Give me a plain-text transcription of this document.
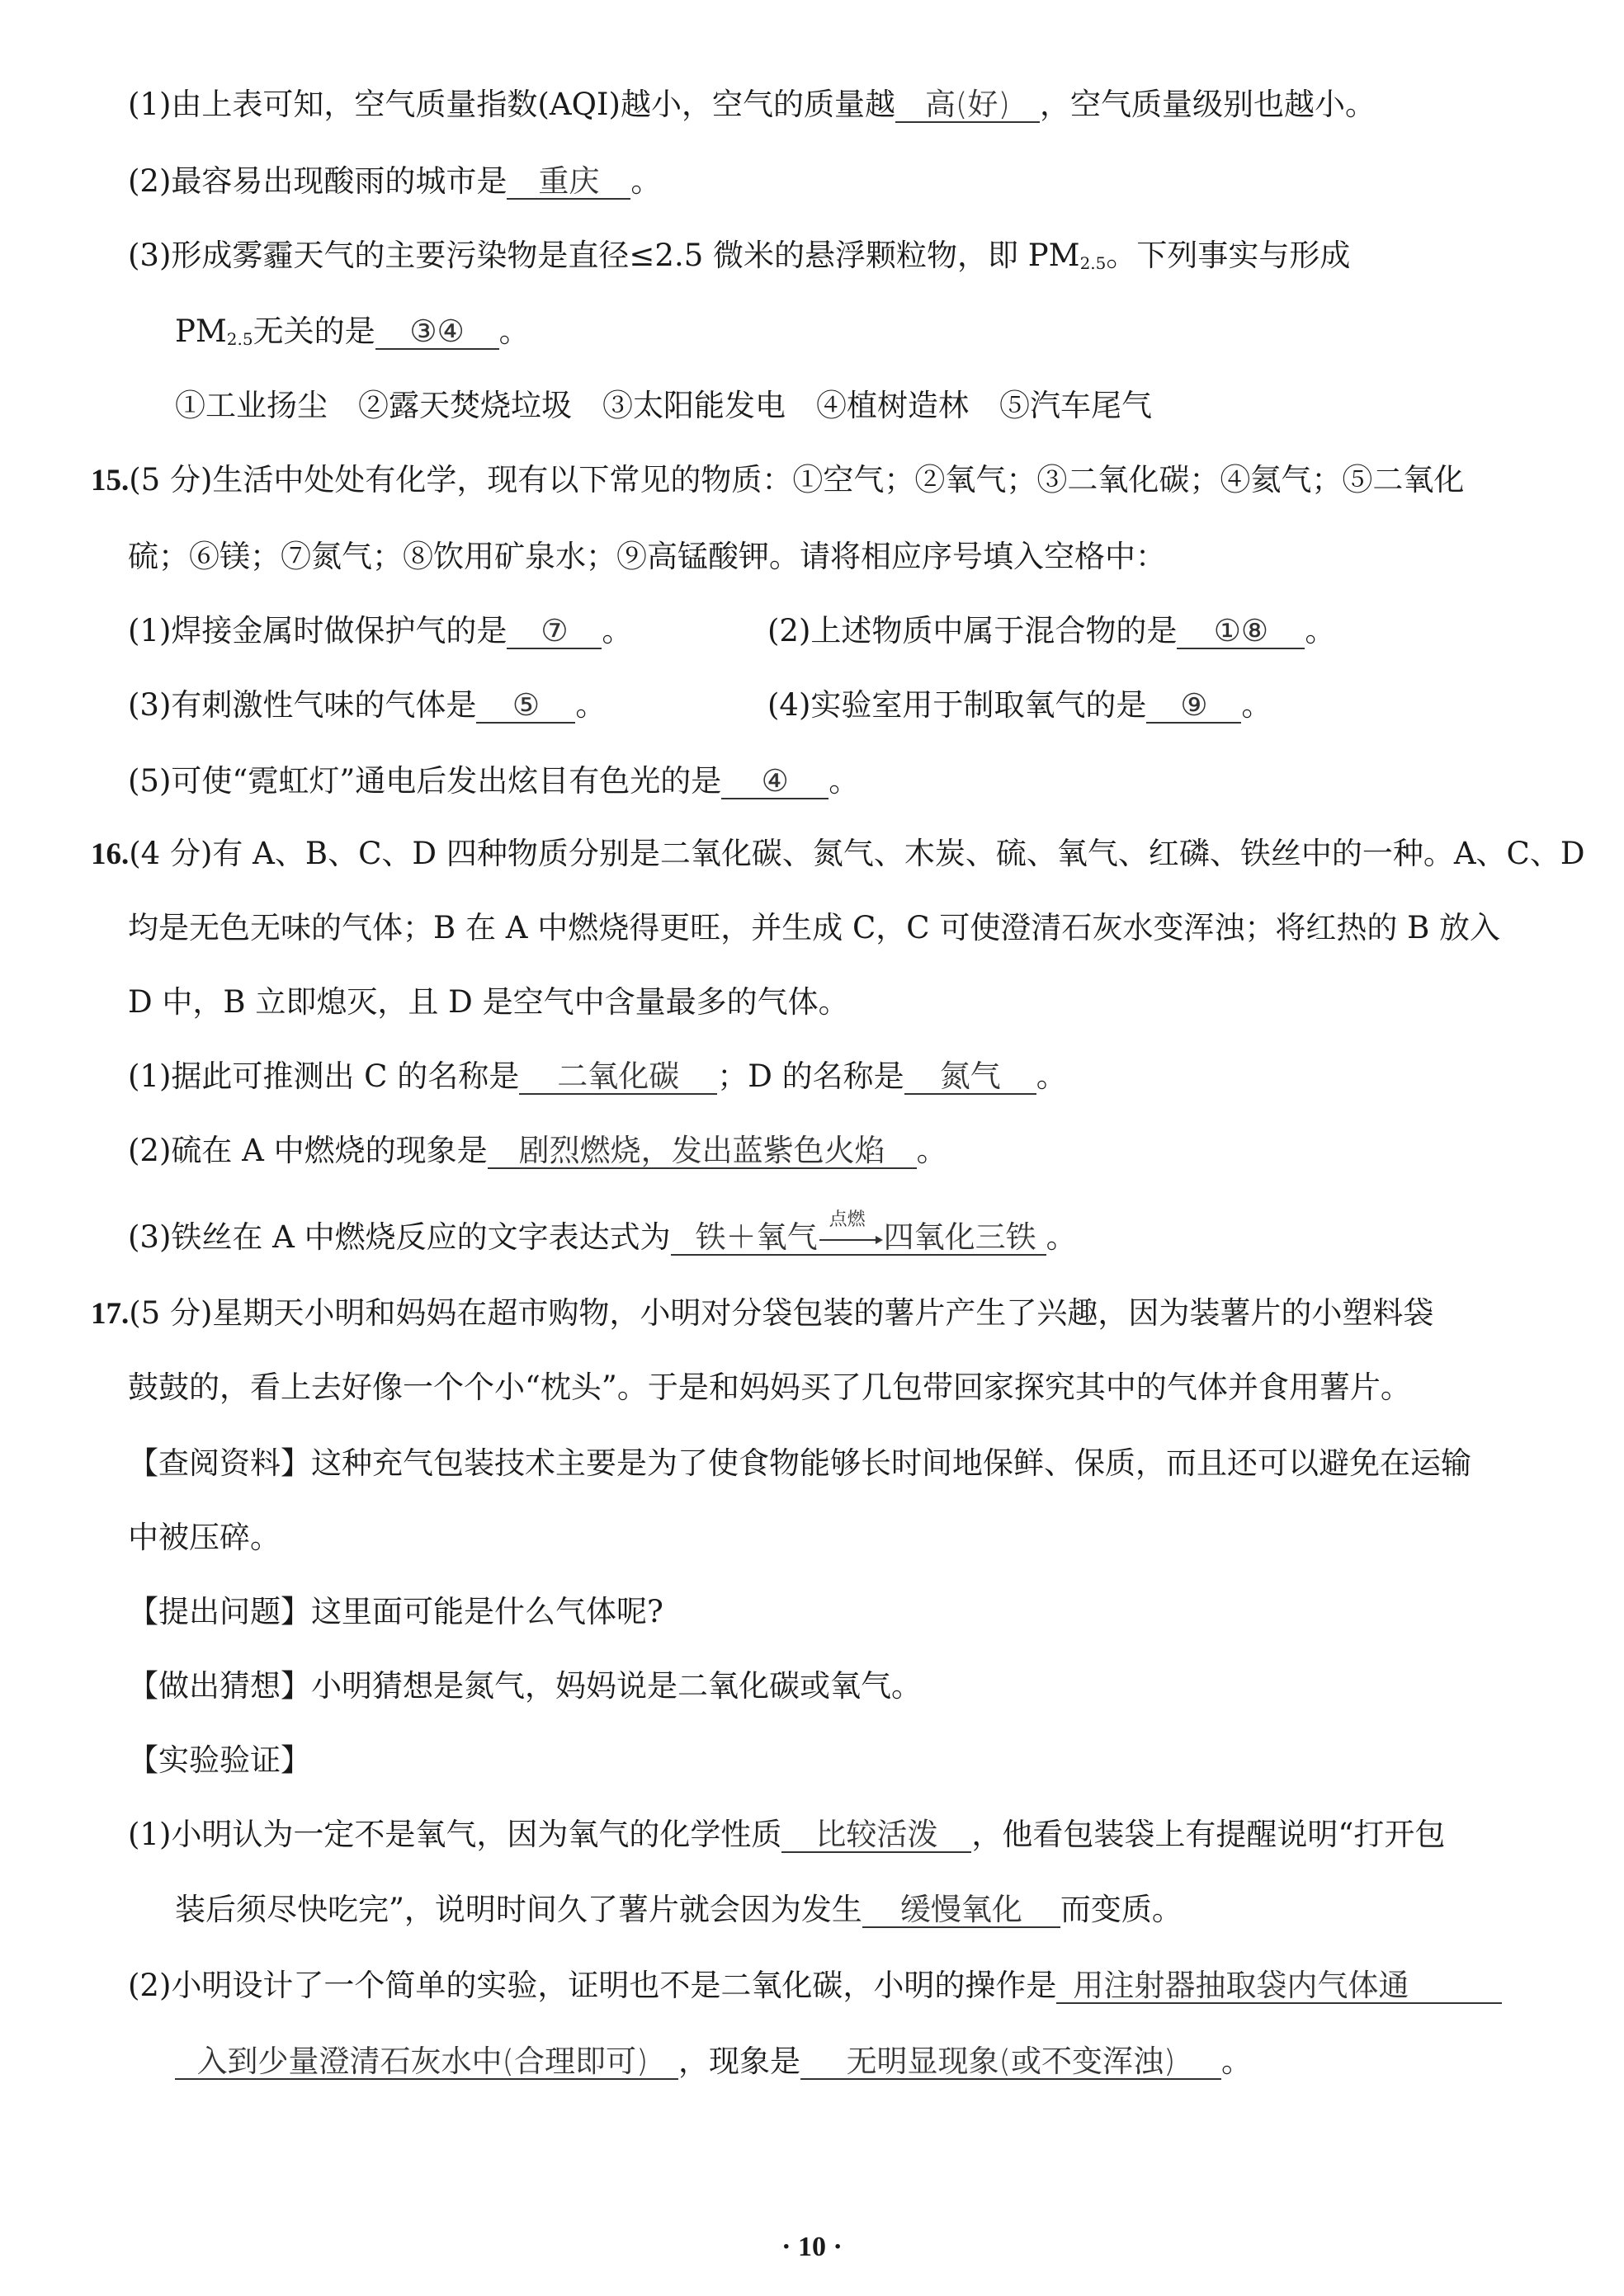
(1)由上表可知，空气质量指数(AQI)越小，空气的质量越 高(好) ，空气质量级别也越小。
(2)最容易出现酸雨的城市是 重庆 。
(3)形成雾霾天气的主要污染物是直径≤2.5 微米的悬浮颗粒物，即 $PM_{2.5}$。下列事实与形成
$PM_{2.5}$无关的是 ③④ 。
①工业扬尘　②露天焚烧垃圾　③太阳能发电　④植树造林　⑤汽车尾气
15.(5 分)生活中处处有化学，现有以下常见的物质：①空气；②氧气；③二氧化碳；④氦气；⑤二氧化
硫；⑥镁；⑦氮气；⑧饮用矿泉水；⑨高锰酸钾。请将相应序号填入空格中：
(1)焊接金属时做保护气的是 ⑦ 。	(2)上述物质中属于混合物的是 ①⑧ 。
(3)有刺激性气味的气体是 ⑤ 。	(4)实验室用于制取氧气的是 ⑨ 。
(5)可使“霓虹灯”通电后发出炫目有色光的是 ④ 。
16.(4 分)有 A、B、C、D 四种物质分别是二氧化碳、氮气、木炭、硫、氧气、红磷、铁丝中的一种。A、C、D
均是无色无味的气体；B 在 A 中燃烧得更旺，并生成 C，C 可使澄清石灰水变浑浊；将红热的 B 放入
D 中，B 立即熄灭，且 D 是空气中含量最多的气体。
(1)据此可推测出 C 的名称是 二氧化碳 ；D 的名称是 氮气 。
(2)硫在 A 中燃烧的现象是 剧烈燃烧，发出蓝紫色火焰 。
(3)铁丝在 A 中燃烧反应的文字表达式为 铁＋氧气 点燃 四氧化三铁 。
17.(5 分)星期天小明和妈妈在超市购物，小明对分袋包装的薯片产生了兴趣，因为装薯片的小塑料袋
鼓鼓的，看上去好像一个个小“枕头”。于是和妈妈买了几包带回家探究其中的气体并食用薯片。
【查阅资料】这种充气包装技术主要是为了使食物能够长时间地保鲜、保质，而且还可以避免在运输
中被压碎。
【提出问题】这里面可能是什么气体呢?
【做出猜想】小明猜想是氮气，妈妈说是二氧化碳或氧气。
【实验验证】
(1)小明认为一定不是氧气，因为氧气的化学性质 比较活泼 ，他看包装袋上有提醒说明“打开包
装后须尽快吃完”，说明时间久了薯片就会因为发生 缓慢氧化 而变质。
(2)小明设计了一个简单的实验，证明也不是二氧化碳，小明的操作是 用注射器抽取袋内气体通
入到少量澄清石灰水中(合理即可) ，现象是 无明显现象(或不变浑浊) 。
· 10 ·
